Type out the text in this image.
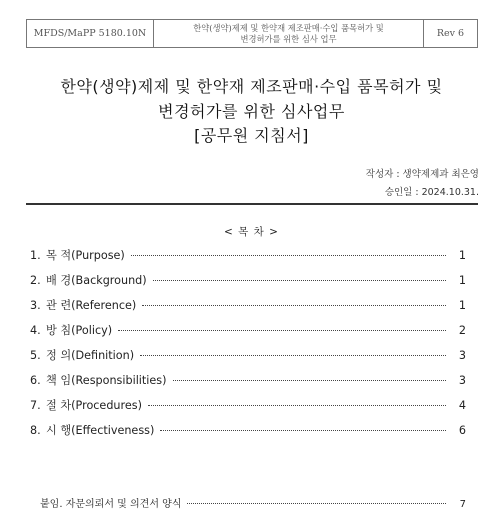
MFDS/MaPP 5180.10N
한약(생약)제제 및 한약재 제조판매·수입 품목허가 및
변경허가를 위한 심사 업무	Rev 6
한약(생약)제제 및 한약재 제조판매·수입 품목허가 및
변경허가를 위한 심사업무
[공무원 지침서]
작성자 : 생약제제과 최은영
승인일 : 2024.10.31.
< 목 차 >
1. 목 적(Purpose)	1
2. 배 경(Background)	1
3. 관 련(Reference)	1
4. 방 침(Policy)	2
5. 정 의(Definition)	3
6. 책 임(Responsibilities)	3
7. 절 차(Procedures)	4
8. 시 행(Effectiveness)	6
붙임. 자문의뢰서 및 의견서 양식	7
